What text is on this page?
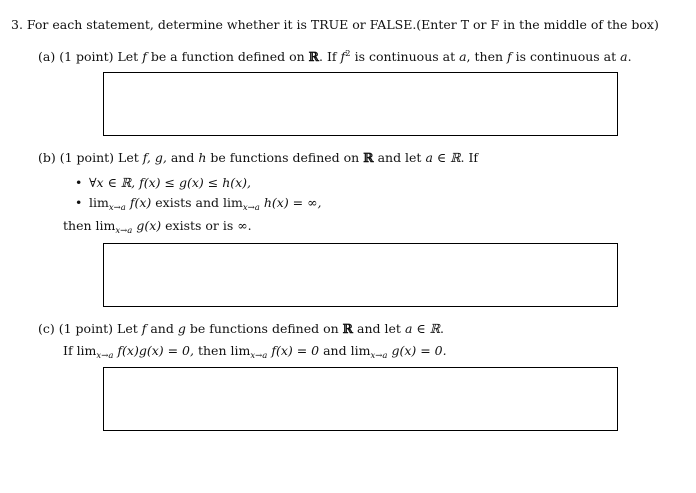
3. For each statement, determine whether it is TRUE or FALSE.(Enter T or F in the middle of the box)
(a) (1 point) Let f be a function defined on ℝ. If $f^2$ is continuous at a, then f is continuous at a.
(b) (1 point) Let f, g, and h be functions defined on ℝ and let a ∈ ℝ. If
• ∀x ∈ ℝ, f(x) ≤ g(x) ≤ h(x),
• $\lim_{x\to a} f(x)$ exists and $\lim_{x\to a} h(x)$ = ∞,
then $\lim_{x\to a} g(x)$ exists or is ∞.
(c) (1 point) Let f and g be functions defined on ℝ and let a ∈ ℝ.
If $\lim_{x\to a} f(x)g(x) = 0$, then $\lim_{x\to a} f(x) = 0$ and $\lim_{x\to a} g(x) = 0$.
